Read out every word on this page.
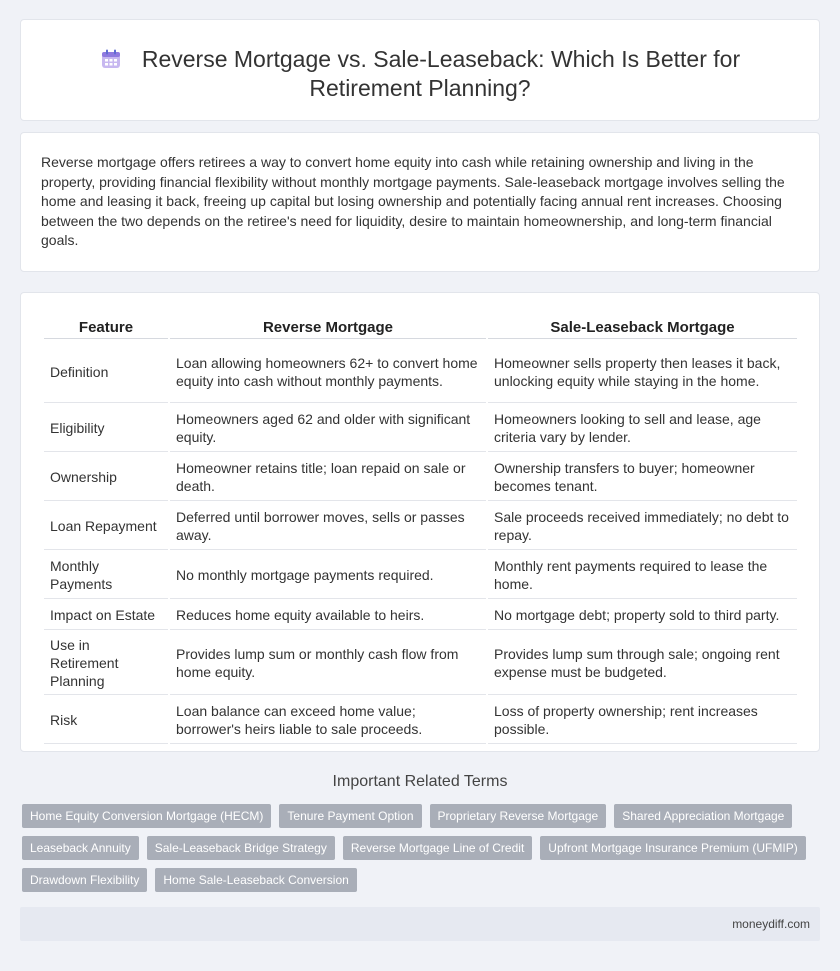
Reverse Mortgage vs. Sale-Leaseback: Which Is Better for Retirement Planning?

Reverse mortgage offers retirees a way to convert home equity into cash while retaining ownership and living in the property, providing financial flexibility without monthly mortgage payments. Sale-leaseback mortgage involves selling the home and leasing it back, freeing up capital but losing ownership and potentially facing annual rent increases. Choosing between the two depends on the retiree's need for liquidity, desire to maintain homeownership, and long-term financial goals.

Feature	Reverse Mortgage	Sale-Leaseback Mortgage
Definition	Loan allowing homeowners 62+ to convert home equity into cash without monthly payments.	Homeowner sells property then leases it back, unlocking equity while staying in the home.
Eligibility	Homeowners aged 62 and older with significant equity.	Homeowners looking to sell and lease, age criteria vary by lender.
Ownership	Homeowner retains title; loan repaid on sale or death.	Ownership transfers to buyer; homeowner becomes tenant.
Loan Repayment	Deferred until borrower moves, sells or passes away.	Sale proceeds received immediately; no debt to repay.
Monthly Payments	No monthly mortgage payments required.	Monthly rent payments required to lease the home.
Impact on Estate	Reduces home equity available to heirs.	No mortgage debt; property sold to third party.
Use in Retirement Planning	Provides lump sum or monthly cash flow from home equity.	Provides lump sum through sale; ongoing rent expense must be budgeted.
Risk	Loan balance can exceed home value; borrower's heirs liable to sale proceeds.	Loss of property ownership; rent increases possible.
Important Related Terms
Home Equity Conversion Mortgage (HECM)	Tenure Payment Option	Proprietary Reverse Mortgage	Shared Appreciation Mortgage
Leaseback Annuity	Sale-Leaseback Bridge Strategy	Reverse Mortgage Line of Credit	Upfront Mortgage Insurance Premium (UFMIP)
Drawdown Flexibility	Home Sale-Leaseback Conversion
moneydiff.com
